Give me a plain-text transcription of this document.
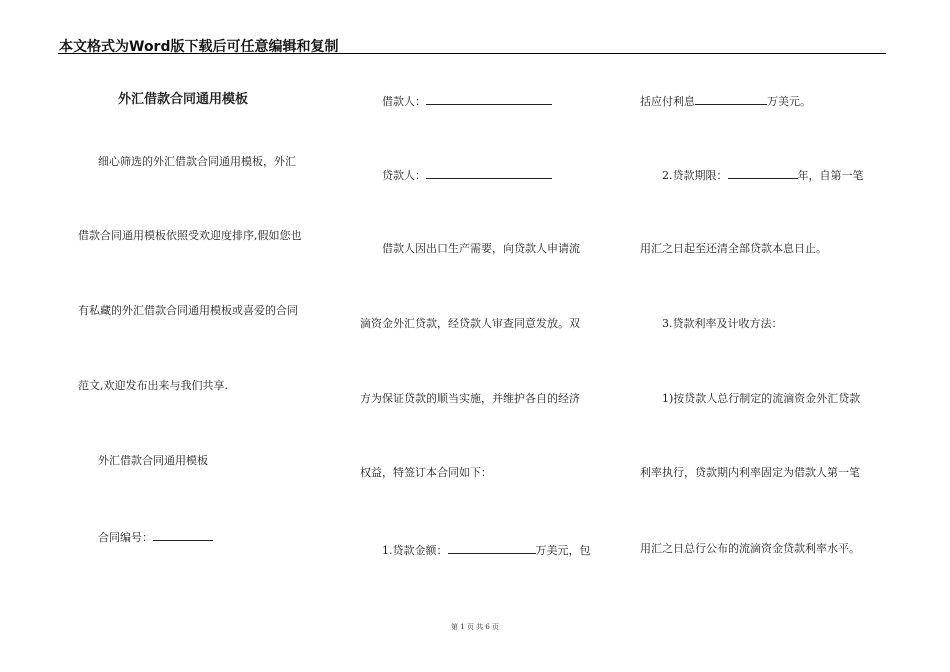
本文格式为Word版下载后可任意编辑和复制
外汇借款合同通用模板
细心筛选的外汇借款合同通用模板，外汇
借款合同通用模板依照受欢迎度排序,假如您也
有私藏的外汇借款合同通用模板或喜爱的合同
范文,欢迎发布出来与我们共享.
外汇借款合同通用模板
合同编号：
借款人：
贷款人：
借款人因出口生产需要，向贷款人申请流
滴资金外汇贷款，经贷款人审查同意发放。双
方为保证贷款的顺当实施，并维护各自的经济
权益，特签订本合同如下：
1.贷款金额：	万美元，包
括应付利息	万美元。
2.贷款期限：	年，自第一笔
用汇之日起至还清全部贷款本息日止。
3.贷款利率及计收方法：
1)按贷款人总行制定的流滴资金外汇贷款
利率执行，贷款期内利率固定为借款人第一笔
用汇之日总行公布的流滴资金贷款利率水平。
第 1 页 共 6 页
